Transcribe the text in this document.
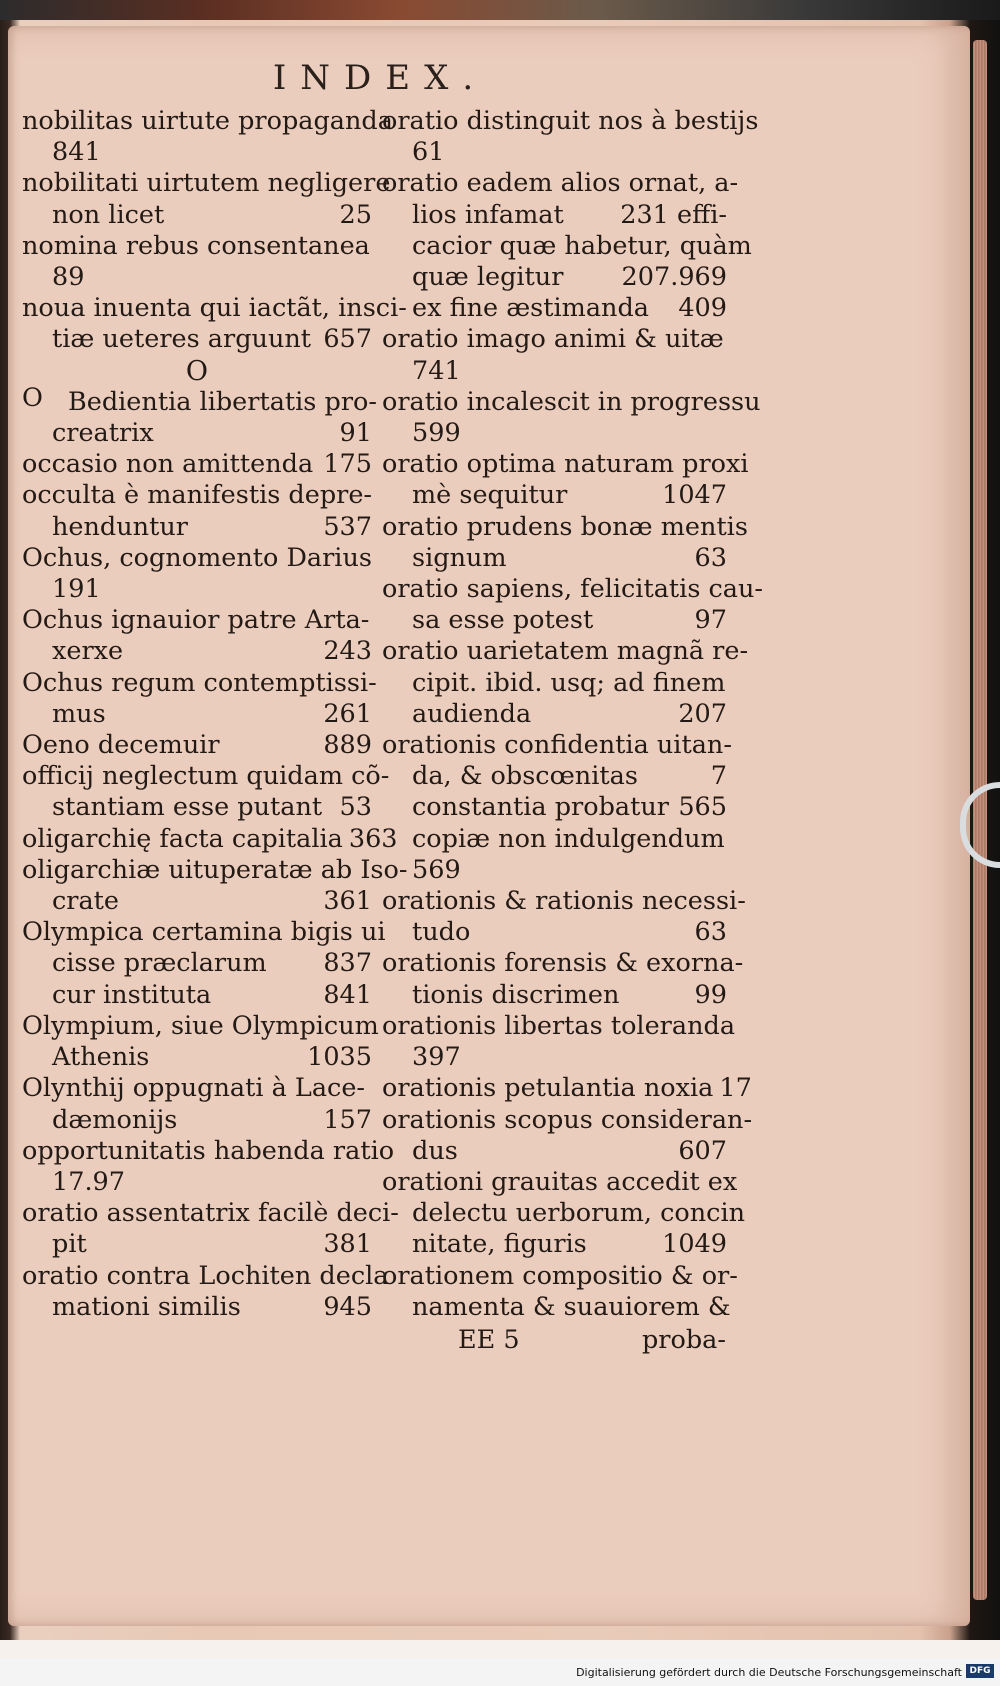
INDEX.
nobilitas uirtute propaganda
841
nobilitati uirtutem negligere
non licet	25
nomina rebus consentanea
89
noua inuenta qui iactãt, insci-
tiæ ueteres arguunt 657
O
O Bedientia libertatis pro-
creatrix	91
occasio non amittenda 175
occulta è manifestis depre-
henduntur	537
Ochus, cognomento Darius
191
Ochus ignauior patre Arta-
xerxe	243
Ochus regum contemptissi-
mus	261
Oeno decemuir	889
officij neglectum quidam cõ-
stantiam esse putant 53
oligarchię facta capitalia 363
oligarchiæ uituperatæ ab Iso-
crate	361
Olympica certamina bigis ui
cisse præclarum 837
cur instituta	841
Olympium, siue Olympicum
Athenis	1035
Olynthij oppugnati à Lace-
dæmonijs	157
opportunitatis habenda ratio
17.97
oratio assentatrix facilè deci-
pit	381
oratio contra Lochiten decla
mationi similis	945
oratio distinguit nos à bestijs
61
oratio eadem alios ornat, a-
lios infamat 231 effi-
cacior quæ habetur, quàm
quæ legitur 207.969
ex fine æstimanda 409
oratio imago animi & uitæ
741
oratio incalescit in progressu
599
oratio optima naturam proxi
mè sequitur	1047
oratio prudens bonæ mentis
signum	63
oratio sapiens, felicitatis cau-
sa esse potest	97
oratio uarietatem magnã re-
cipit. ibid. usq; ad finem
audienda	207
orationis confidentia uitan-
da, & obscœnitas	7
constantia probatur 565
copiæ non indulgendum
569
orationis & rationis necessi-
tudo	63
orationis forensis & exorna-
tionis discrimen	99
orationis libertas toleranda
397
orationis petulantia noxia 17
orationis scopus consideran-
dus	607
orationi grauitas accedit ex
delectu uerborum, concin
nitate, figuris	1049
orationem compositio & or-
namenta & suauiorem &
EE 5	proba-
Digitalisierung gefördert durch die Deutsche Forschungsgemeinschaft DFG
